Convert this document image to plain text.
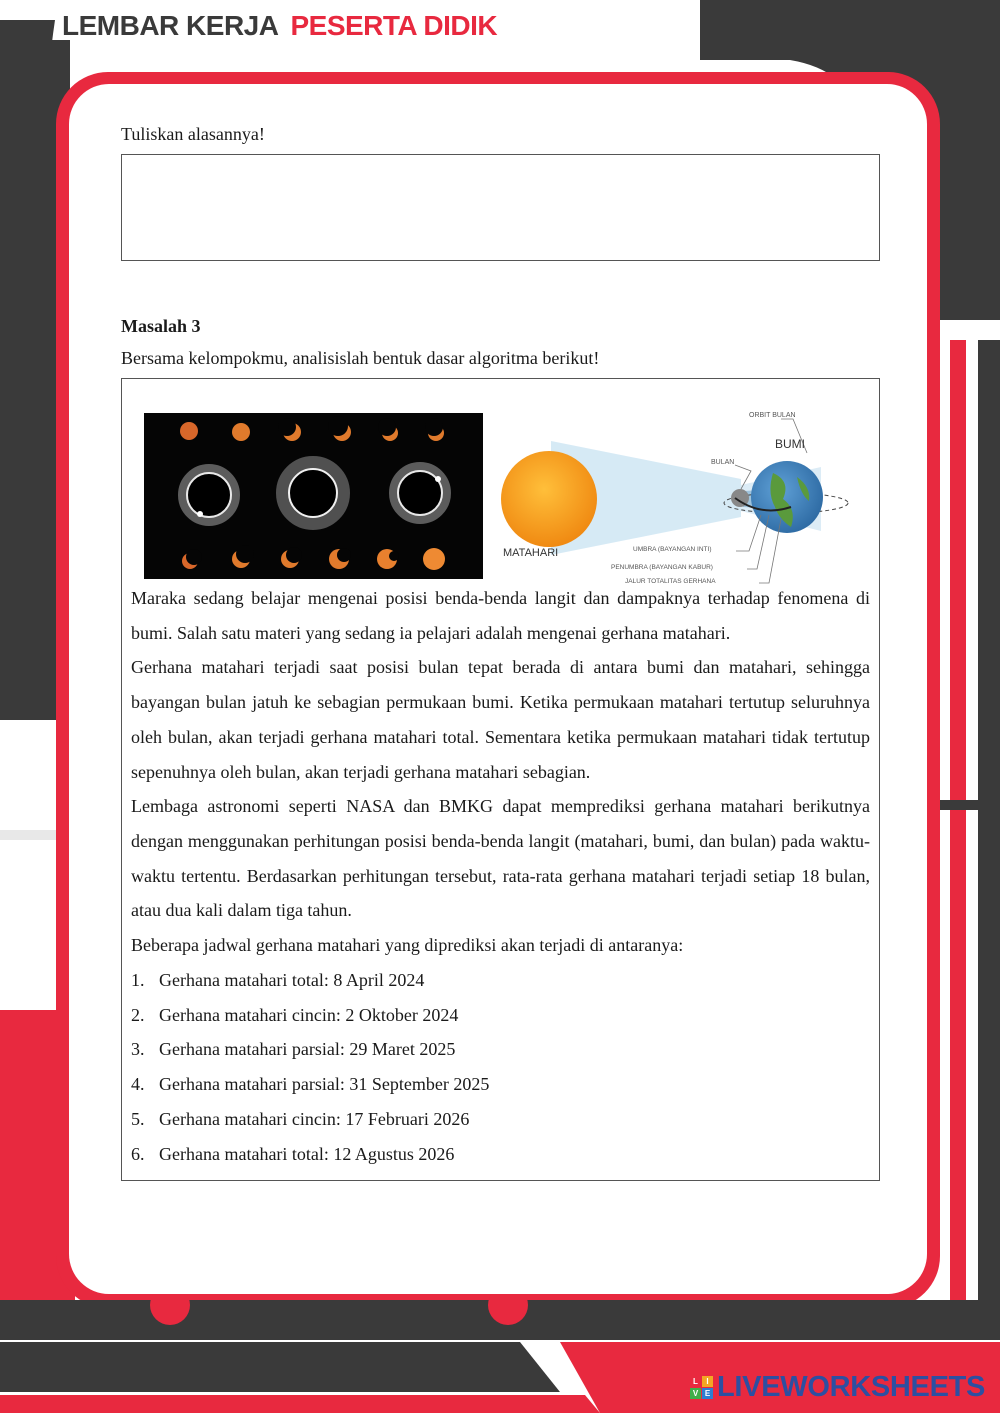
LEMBAR KERJA PESERTA DIDIK

Tuliskan alasannya!

Masalah 3

Bersama kelompokmu, analisislah bentuk dasar algoritma berikut!

ORBIT BULAN
BUMI
BULAN
MATAHARI	UMBRA (BAYANGAN INTI)
PENUMBRA (BAYANGAN KABUR)
JALUR TOTALITAS GERHANA

Maraka sedang belajar mengenai posisi benda-benda langit dan dampaknya terhadap fenomena di bumi. Salah satu materi yang sedang ia pelajari adalah mengenai gerhana matahari.

Gerhana matahari terjadi saat posisi bulan tepat berada di antara bumi dan matahari, sehingga bayangan bulan jatuh ke sebagian permukaan bumi. Ketika permukaan matahari tertutup seluruhnya oleh bulan, akan terjadi gerhana matahari total. Sementara ketika permukaan matahari tidak tertutup sepenuhnya oleh bulan, akan terjadi gerhana matahari sebagian.

Lembaga astronomi seperti NASA dan BMKG dapat memprediksi gerhana matahari berikutnya dengan menggunakan perhitungan posisi benda-benda langit (matahari, bumi, dan bulan) pada waktu-waktu tertentu. Berdasarkan perhitungan tersebut, rata-rata gerhana matahari terjadi setiap 18 bulan, atau dua kali dalam tiga tahun.

Beberapa jadwal gerhana matahari yang diprediksi akan terjadi di antaranya:

1. Gerhana matahari total: 8 April 2024
2. Gerhana matahari cincin: 2 Oktober 2024
3. Gerhana matahari parsial: 29 Maret 2025
4. Gerhana matahari parsial: 31 September 2025
5. Gerhana matahari cincin: 17 Februari 2026
6. Gerhana matahari total: 12 Agustus 2026
L	I
V E LIVEWORKSHEETS
